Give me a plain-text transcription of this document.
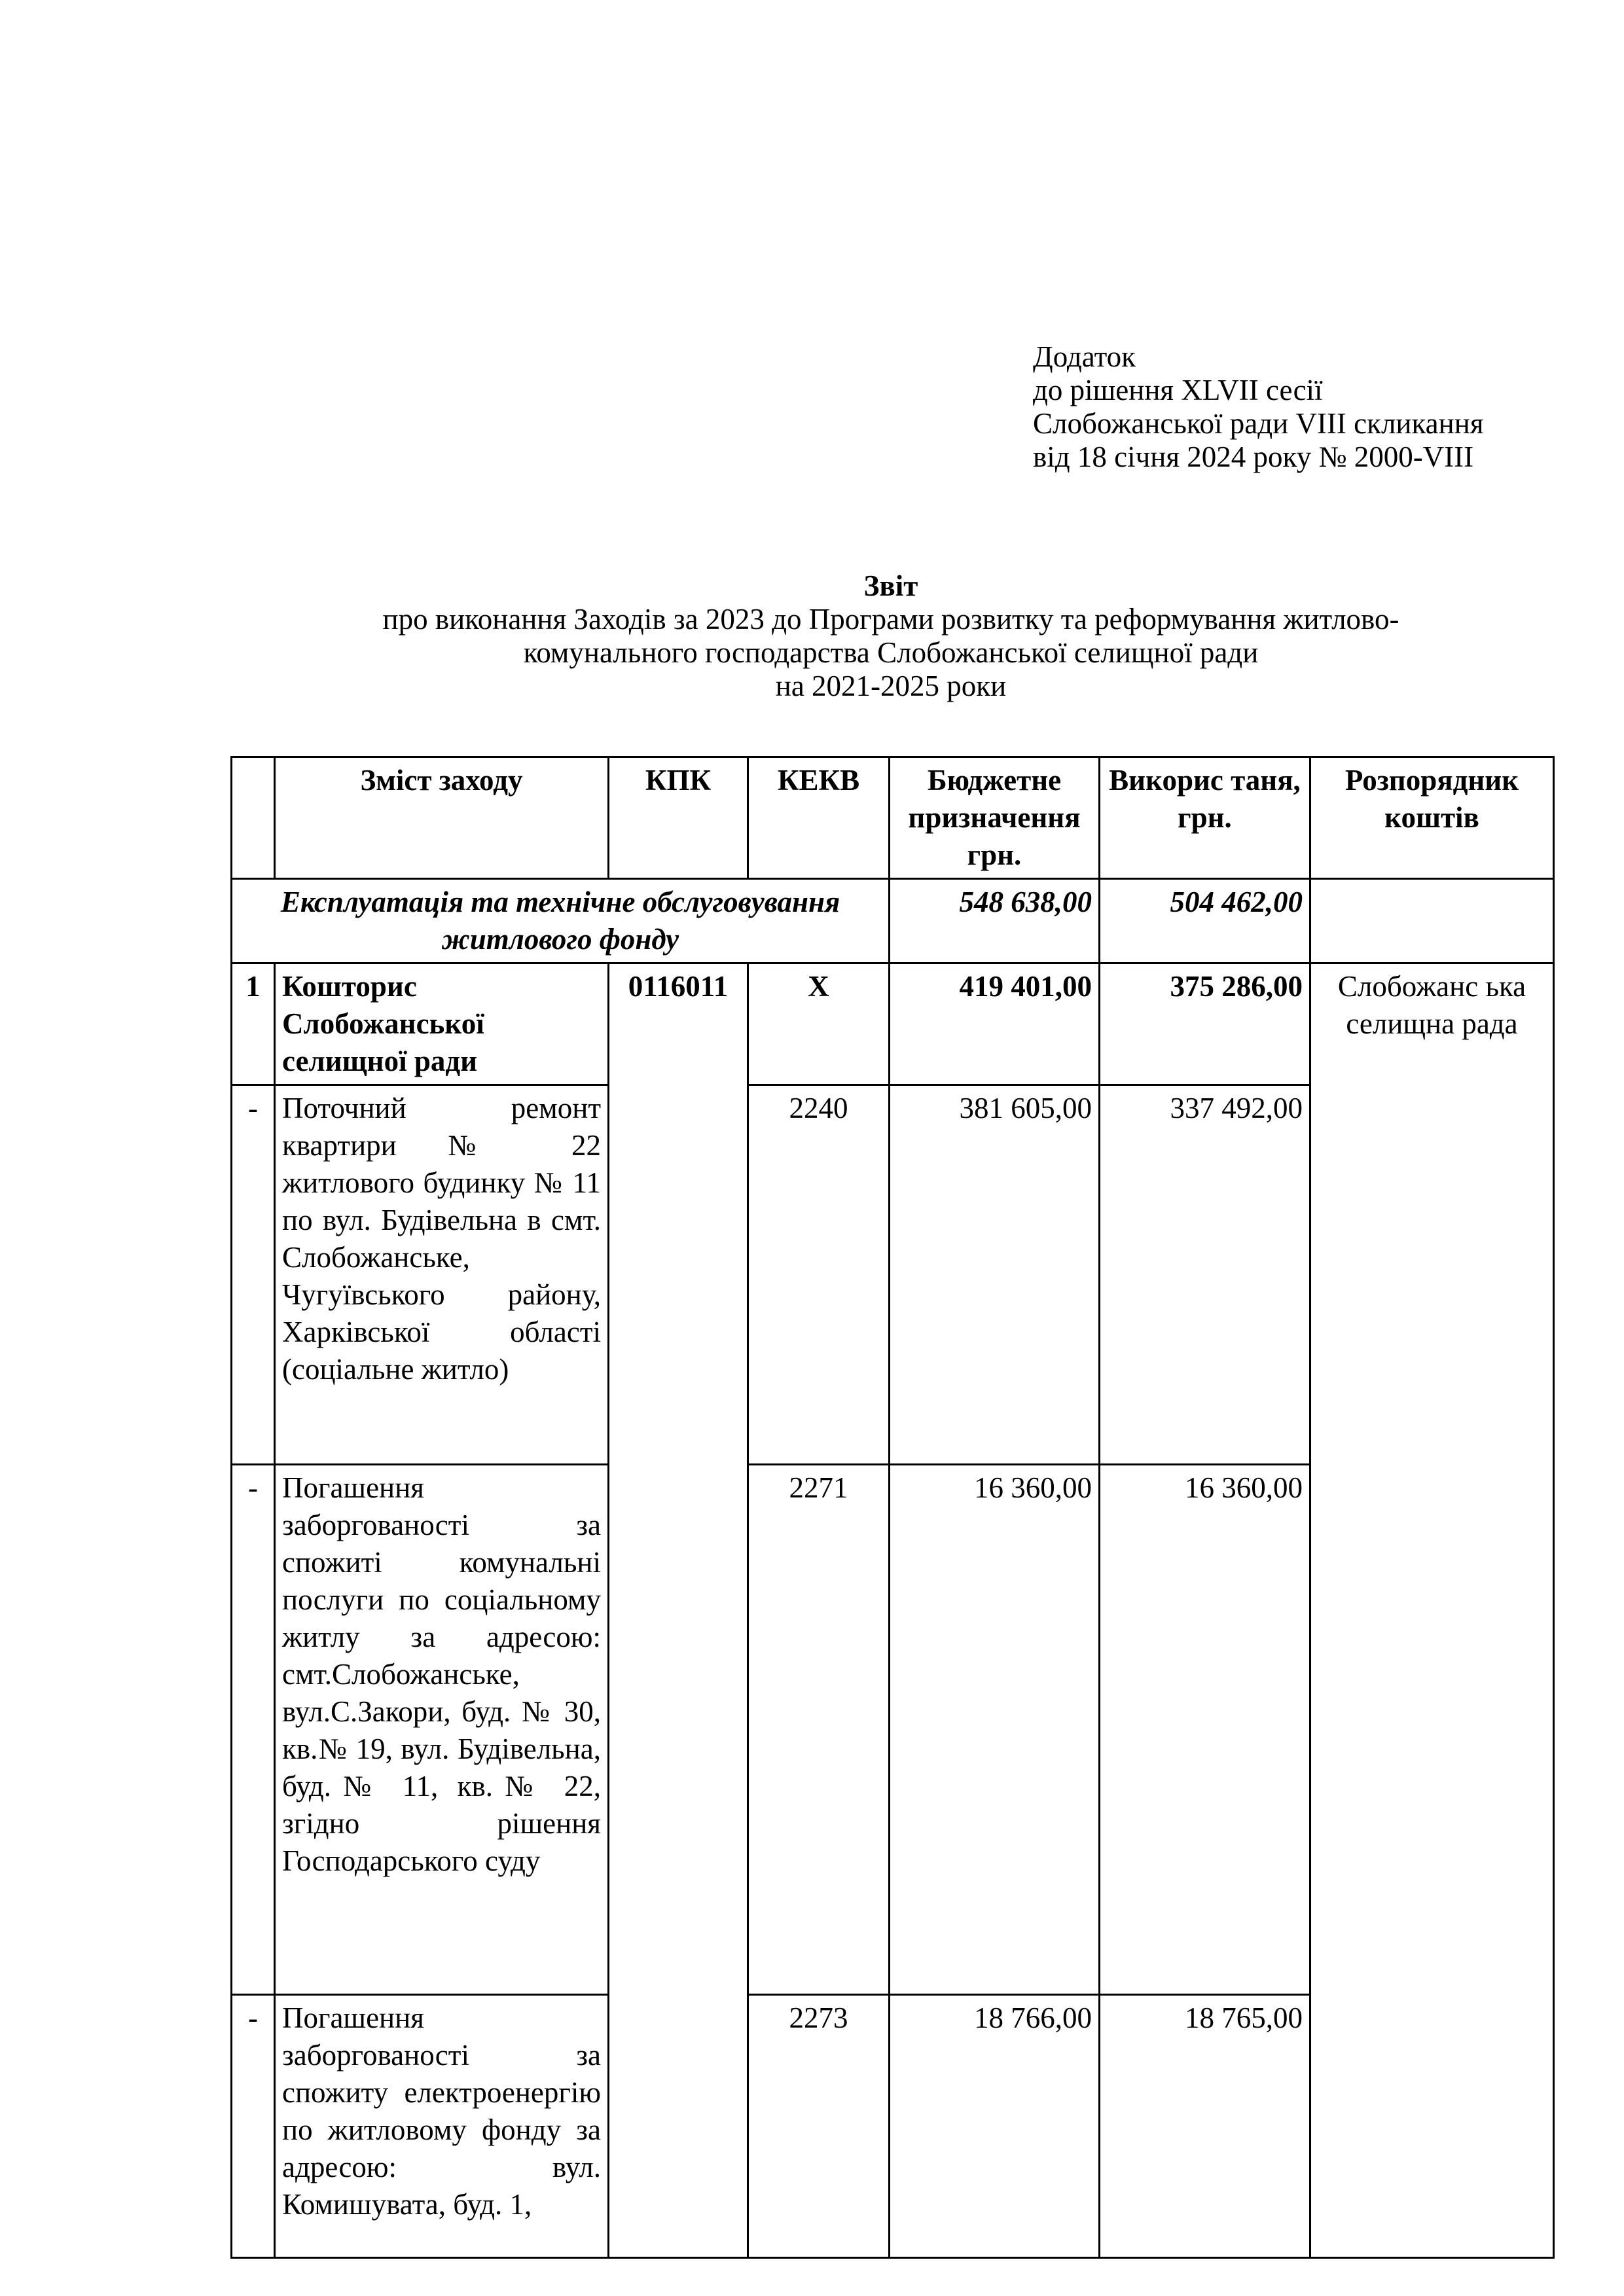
Додаток
до рішення XLVII сесії
Слобожанської ради VIII скликання
від 18 січня 2024 року № 2000-VIII
Звіт
про виконання Заходів за 2023 до Програми розвитку та реформування житлово-
комунального господарства Слобожанської селищної ради
на 2021-2025 роки
	Зміст заходу	КПК	КЕКВ	Бюджетне призначення грн.	Викорис таня, грн.	Розпорядник коштів
Експлуатація та технічне обслуговування житлового фонду				548 638,00	504 462,00	
1	Кошторис Слобожанської селищної ради	0116011	Х	419 401,00	375 286,00	Слобожанс ька селищна рада
-	Поточний ремонт квартири № 22 житлового будинку № 11 по вул. Будівельна в смт. Слобожанське, Чугуївського району, Харківської області (соціальне житло)		2240	381 605,00	337 492,00	
-	Погашення заборгованості за спожиті комунальні послуги по соціальному житлу за адресою: смт.Слобожанське, вул.С.Закори, буд. № 30, кв.№ 19, вул. Будівельна, буд.№ 11, кв.№ 22, згідно рішення Господарського суду		2271	16 360,00	16 360,00	
-	Погашення заборгованості за спожиту електроенергію по житловому фонду за адресою: вул. Комишувата, буд. 1,		2273	18 766,00	18 765,00	
